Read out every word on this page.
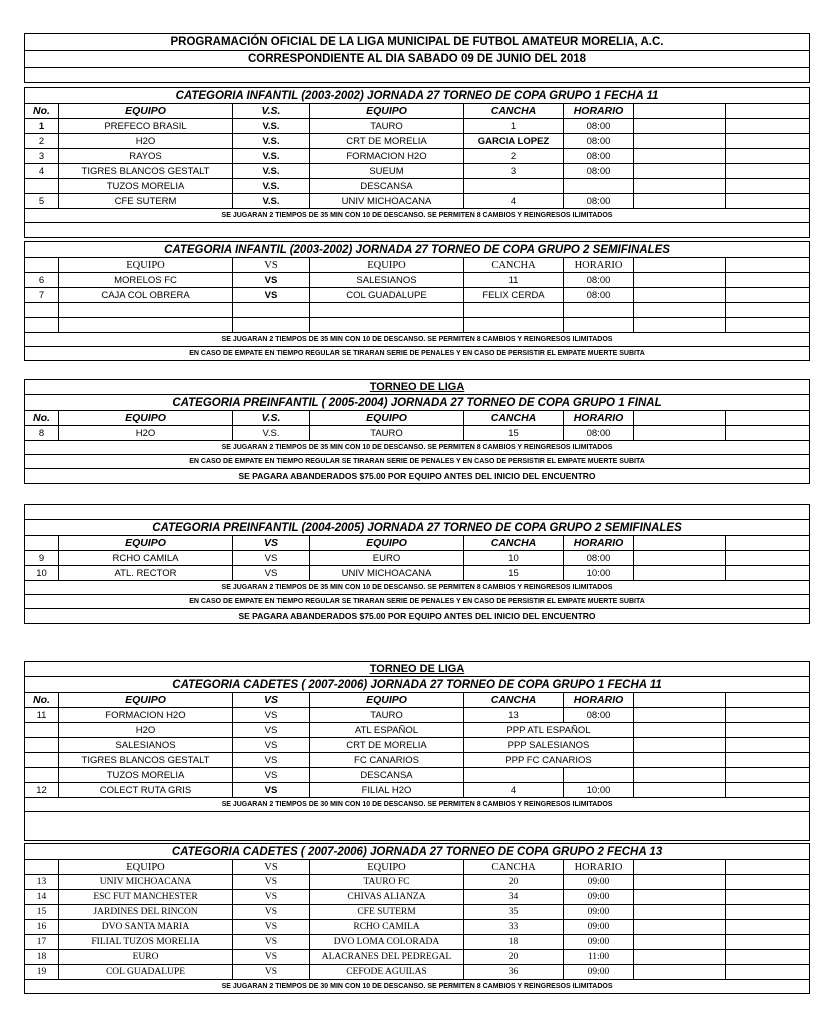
PROGRAMACIÓN OFICIAL DE LA LIGA MUNICIPAL DE FUTBOL AMATEUR MORELIA, A.C.
CORRESPONDIENTE AL DIA SABADO 09 DE JUNIO DEL 2018

CATEGORIA INFANTIL (2003-2002) JORNADA 27 TORNEO DE COPA GRUPO 1 FECHA 11							
No.	EQUIPO	V.S.	EQUIPO	CANCHA	HORARIO		
1	PREFECO BRASIL	V.S.	TAURO	1	08:00		
2	H2O	V.S.	CRT DE MORELIA	GARCIA LOPEZ	08:00		
3	RAYOS	V.S.	FORMACION H2O	2	08:00		
4	TIGRES BLANCOS GESTALT	V.S.	SUEUM	3	08:00		
	TUZOS MORELIA	V.S.	DESCANSA				
5	CFE SUTERM	V.S.	UNIV MICHOACANA	4	08:00		
SE JUGARAN 2 TIEMPOS DE 35 MIN CON 10 DE DESCANSO. SE PERMITEN 8 CAMBIOS Y REINGRESOS ILIMITADOS							

CATEGORIA INFANTIL (2003-2002) JORNADA 27 TORNEO DE COPA GRUPO 2 SEMIFINALES							
	EQUIPO	VS	EQUIPO	CANCHA	HORARIO		
6	MORELOS FC	VS	SALESIANOS	11	08:00		
7	CAJA COL OBRERA	VS	COL GUADALUPE	FELIX CERDA	08:00		

SE JUGARAN 2 TIEMPOS DE 35 MIN CON 10 DE DESCANSO. SE PERMITEN 8 CAMBIOS Y REINGRESOS ILIMITADOS							
EN CASO DE EMPATE EN TIEMPO REGULAR SE TIRARAN SERIE DE PENALES Y EN CASO DE PERSISTIR EL EMPATE MUERTE SUBITA							
TORNEO DE LIGA							
CATEGORIA PREINFANTIL ( 2005-2004) JORNADA 27 TORNEO DE COPA GRUPO 1 FINAL							
No.	EQUIPO	V.S.	EQUIPO	CANCHA	HORARIO		
8	H2O	V.S.	TAURO	15	08:00		
SE JUGARAN 2 TIEMPOS DE 35 MIN CON 10 DE DESCANSO. SE PERMITEN 8 CAMBIOS Y REINGRESOS ILIMITADOS							
EN CASO DE EMPATE EN TIEMPO REGULAR SE TIRARAN SERIE DE PENALES Y EN CASO DE PERSISTIR EL EMPATE MUERTE SUBITA							
SE PAGARA ABANDERADOS $75.00 POR EQUIPO ANTES DEL INICIO DEL ENCUENTRO							

CATEGORIA PREINFANTIL (2004-2005) JORNADA 27 TORNEO DE COPA GRUPO 2 SEMIFINALES							
	EQUIPO	VS	EQUIPO	CANCHA	HORARIO		
9	RCHO CAMILA	VS	EURO	10	08:00		
10	ATL. RECTOR	VS	UNIV MICHOACANA	15	10:00		
SE JUGARAN 2 TIEMPOS DE 35 MIN CON 10 DE DESCANSO. SE PERMITEN 8 CAMBIOS Y REINGRESOS ILIMITADOS							
EN CASO DE EMPATE EN TIEMPO REGULAR SE TIRARAN SERIE DE PENALES Y EN CASO DE PERSISTIR EL EMPATE MUERTE SUBITA							
SE PAGARA ABANDERADOS $75.00 POR EQUIPO ANTES DEL INICIO DEL ENCUENTRO							
TORNEO DE LIGA							
CATEGORIA CADETES ( 2007-2006) JORNADA 27 TORNEO DE COPA GRUPO 1 FECHA 11							
No.	EQUIPO	VS	EQUIPO	CANCHA	HORARIO		
11	FORMACION H2O	VS	TAURO	13	08:00		
	H2O	VS	ATL ESPAÑOL	PPP ATL ESPAÑOL			
	SALESIANOS	VS	CRT DE MORELIA	PPP SALESIANOS			
	TIGRES BLANCOS GESTALT	VS	FC CANARIOS	PPP FC CANARIOS			
	TUZOS MORELIA	VS	DESCANSA				
12	COLECT RUTA GRIS	VS	FILIAL H2O	4	10:00		
SE JUGARAN 2 TIEMPOS DE 30 MIN CON 10 DE DESCANSO. SE PERMITEN 8 CAMBIOS Y REINGRESOS ILIMITADOS							

CATEGORIA CADETES ( 2007-2006) JORNADA 27 TORNEO DE COPA GRUPO 2 FECHA 13							
	EQUIPO	VS	EQUIPO	CANCHA	HORARIO		
13	UNIV MICHOACANA	VS	TAURO FC	20	09:00		
14	ESC FUT MANCHESTER	VS	CHIVAS ALIANZA	34	09:00		
15	JARDINES DEL RINCON	VS	CFE SUTERM	35	09:00		
16	DVO SANTA MARIA	VS	RCHO CAMILA	33	09:00		
17	FILIAL TUZOS MORELIA	VS	DVO LOMA COLORADA	18	09:00		
18	EURO	VS	ALACRANES DEL PEDREGAL	20	11:00		
19	COL GUADALUPE	VS	CEFODE AGUILAS	36	09:00		
SE JUGARAN 2 TIEMPOS DE 30 MIN CON 10 DE DESCANSO. SE PERMITEN 8 CAMBIOS Y REINGRESOS ILIMITADOS							
